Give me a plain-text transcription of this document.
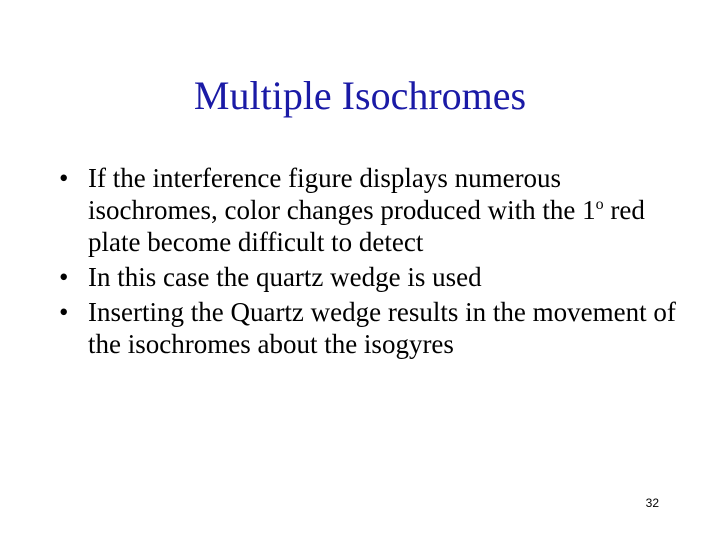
Multiple Isochromes
• If the interference figure displays numerous isochromes, color changes produced with the 1$^o$ red plate become difficult to detect
• In this case the quartz wedge is used
• Inserting the Quartz wedge results in the movement of the isochromes about the isogyres
32
